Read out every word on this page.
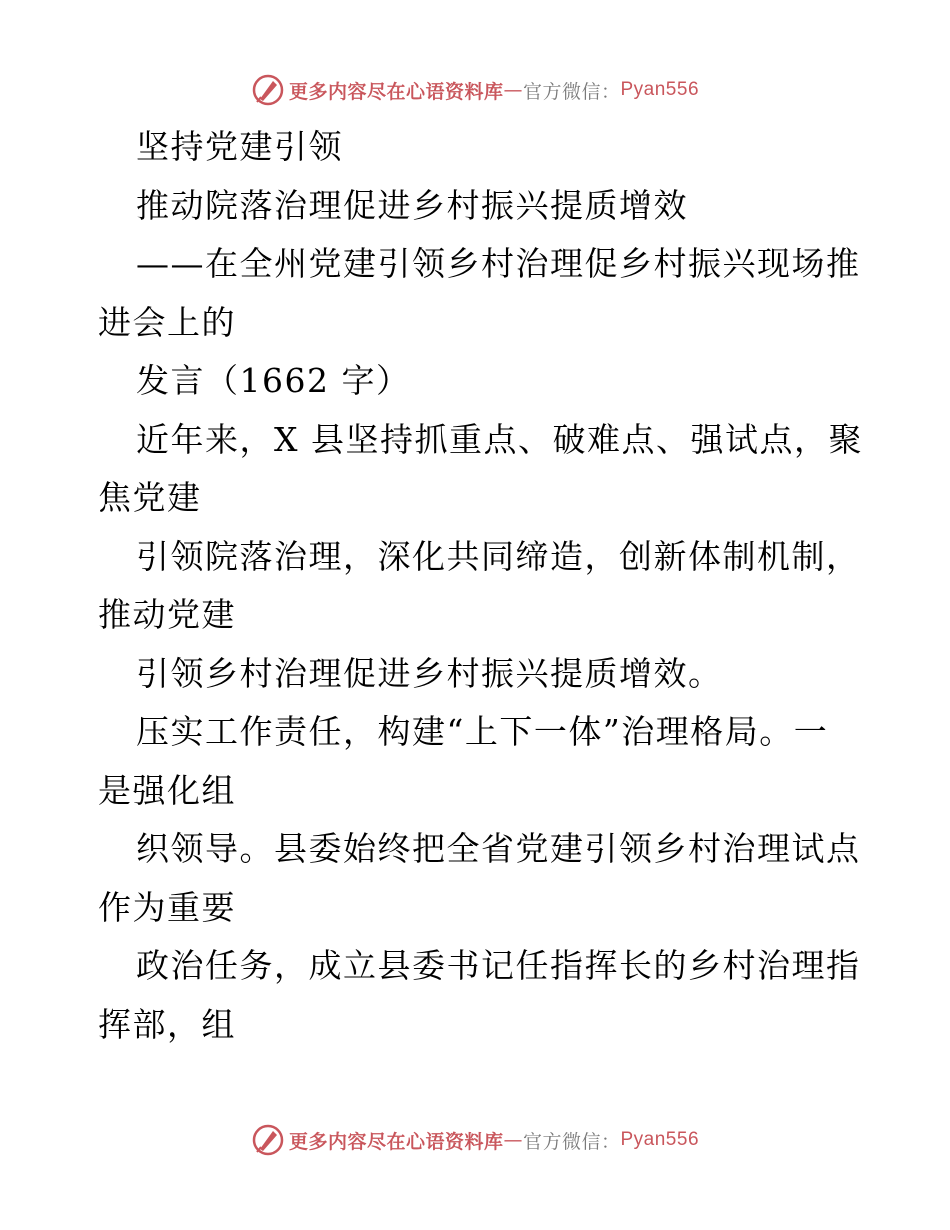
更多内容尽在心语资料库 — 官方微信： Pyan556
坚持党建引领
推动院落治理促进乡村振兴提质增效
——在全州党建引领乡村治理促乡村振兴现场推
进会上的
发言（1662 字）
近年来，X 县坚持抓重点、破难点、强试点，聚
焦党建
引领院落治理，深化共同缔造，创新体制机制，
推动党建
引领乡村治理促进乡村振兴提质增效。
压实工作责任，构建“上下一体”治理格局。一
是强化组
织领导。县委始终把全省党建引领乡村治理试点
作为重要
政治任务，成立县委书记任指挥长的乡村治理指
挥部，组
更多内容尽在心语资料库 — 官方微信： Pyan556
